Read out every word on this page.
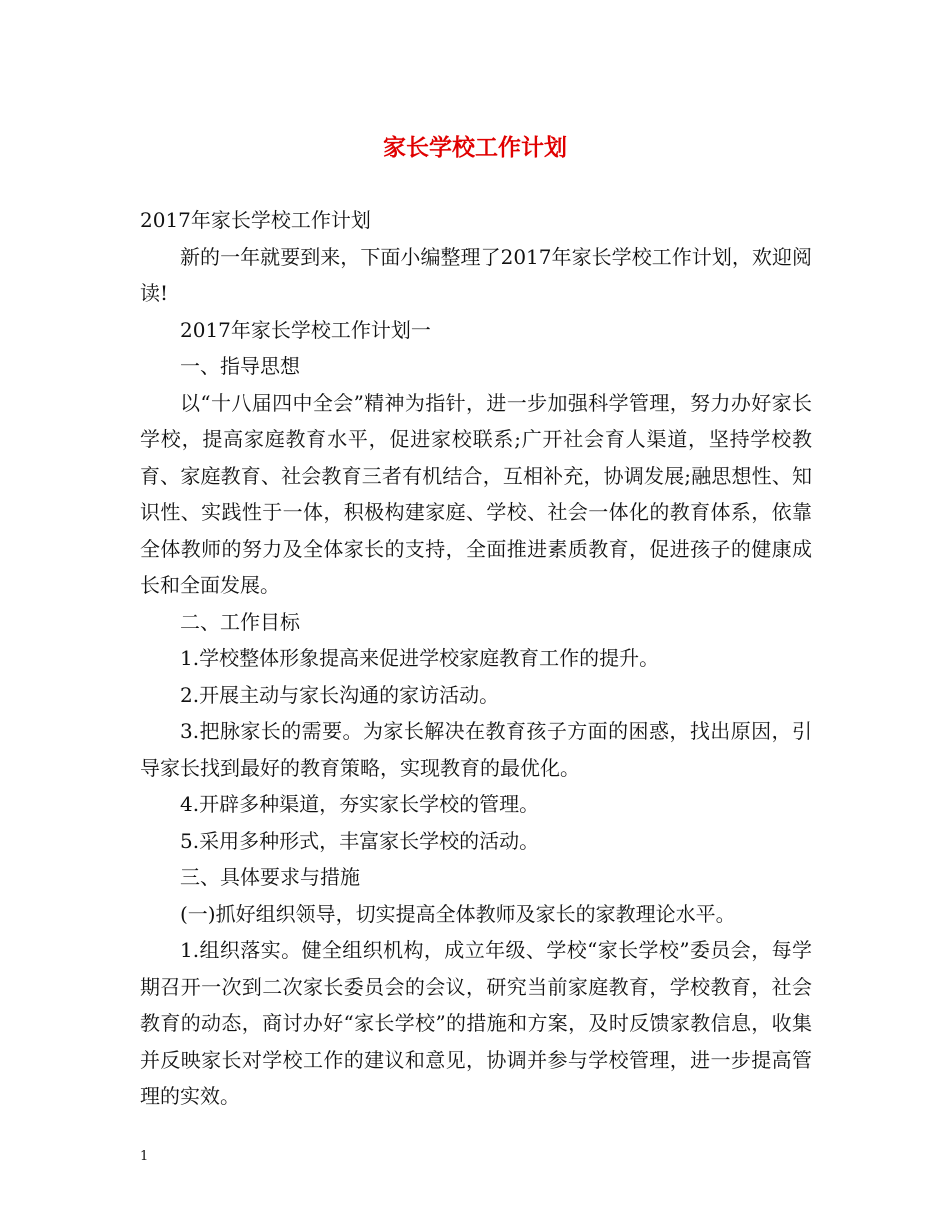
家长学校工作计划

2017年家长学校工作计划

新的一年就要到来，下面小编整理了2017年家长学校工作计划，欢迎阅读!

2017年家长学校工作计划一

一、指导思想

以“十八届四中全会”精神为指针，进一步加强科学管理，努力办好家长学校，提高家庭教育水平，促进家校联系;广开社会育人渠道，坚持学校教育、家庭教育、社会教育三者有机结合，互相补充，协调发展;融思想性、知识性、实践性于一体，积极构建家庭、学校、社会一体化的教育体系，依靠全体教师的努力及全体家长的支持，全面推进素质教育，促进孩子的健康成长和全面发展。

二、工作目标

1.学校整体形象提高来促进学校家庭教育工作的提升。

2.开展主动与家长沟通的家访活动。

3.把脉家长的需要。为家长解决在教育孩子方面的困惑，找出原因，引导家长找到最好的教育策略，实现教育的最优化。

4.开辟多种渠道，夯实家长学校的管理。

5.采用多种形式，丰富家长学校的活动。

三、具体要求与措施

(一)抓好组织领导，切实提高全体教师及家长的家教理论水平。

1.组织落实。健全组织机构，成立年级、学校“家长学校”委员会，每学期召开一次到二次家长委员会的会议，研究当前家庭教育，学校教育，社会教育的动态，商讨办好“家长学校”的措施和方案，及时反馈家教信息，收集并反映家长对学校工作的建议和意见，协调并参与学校管理，进一步提高管理的实效。

1
